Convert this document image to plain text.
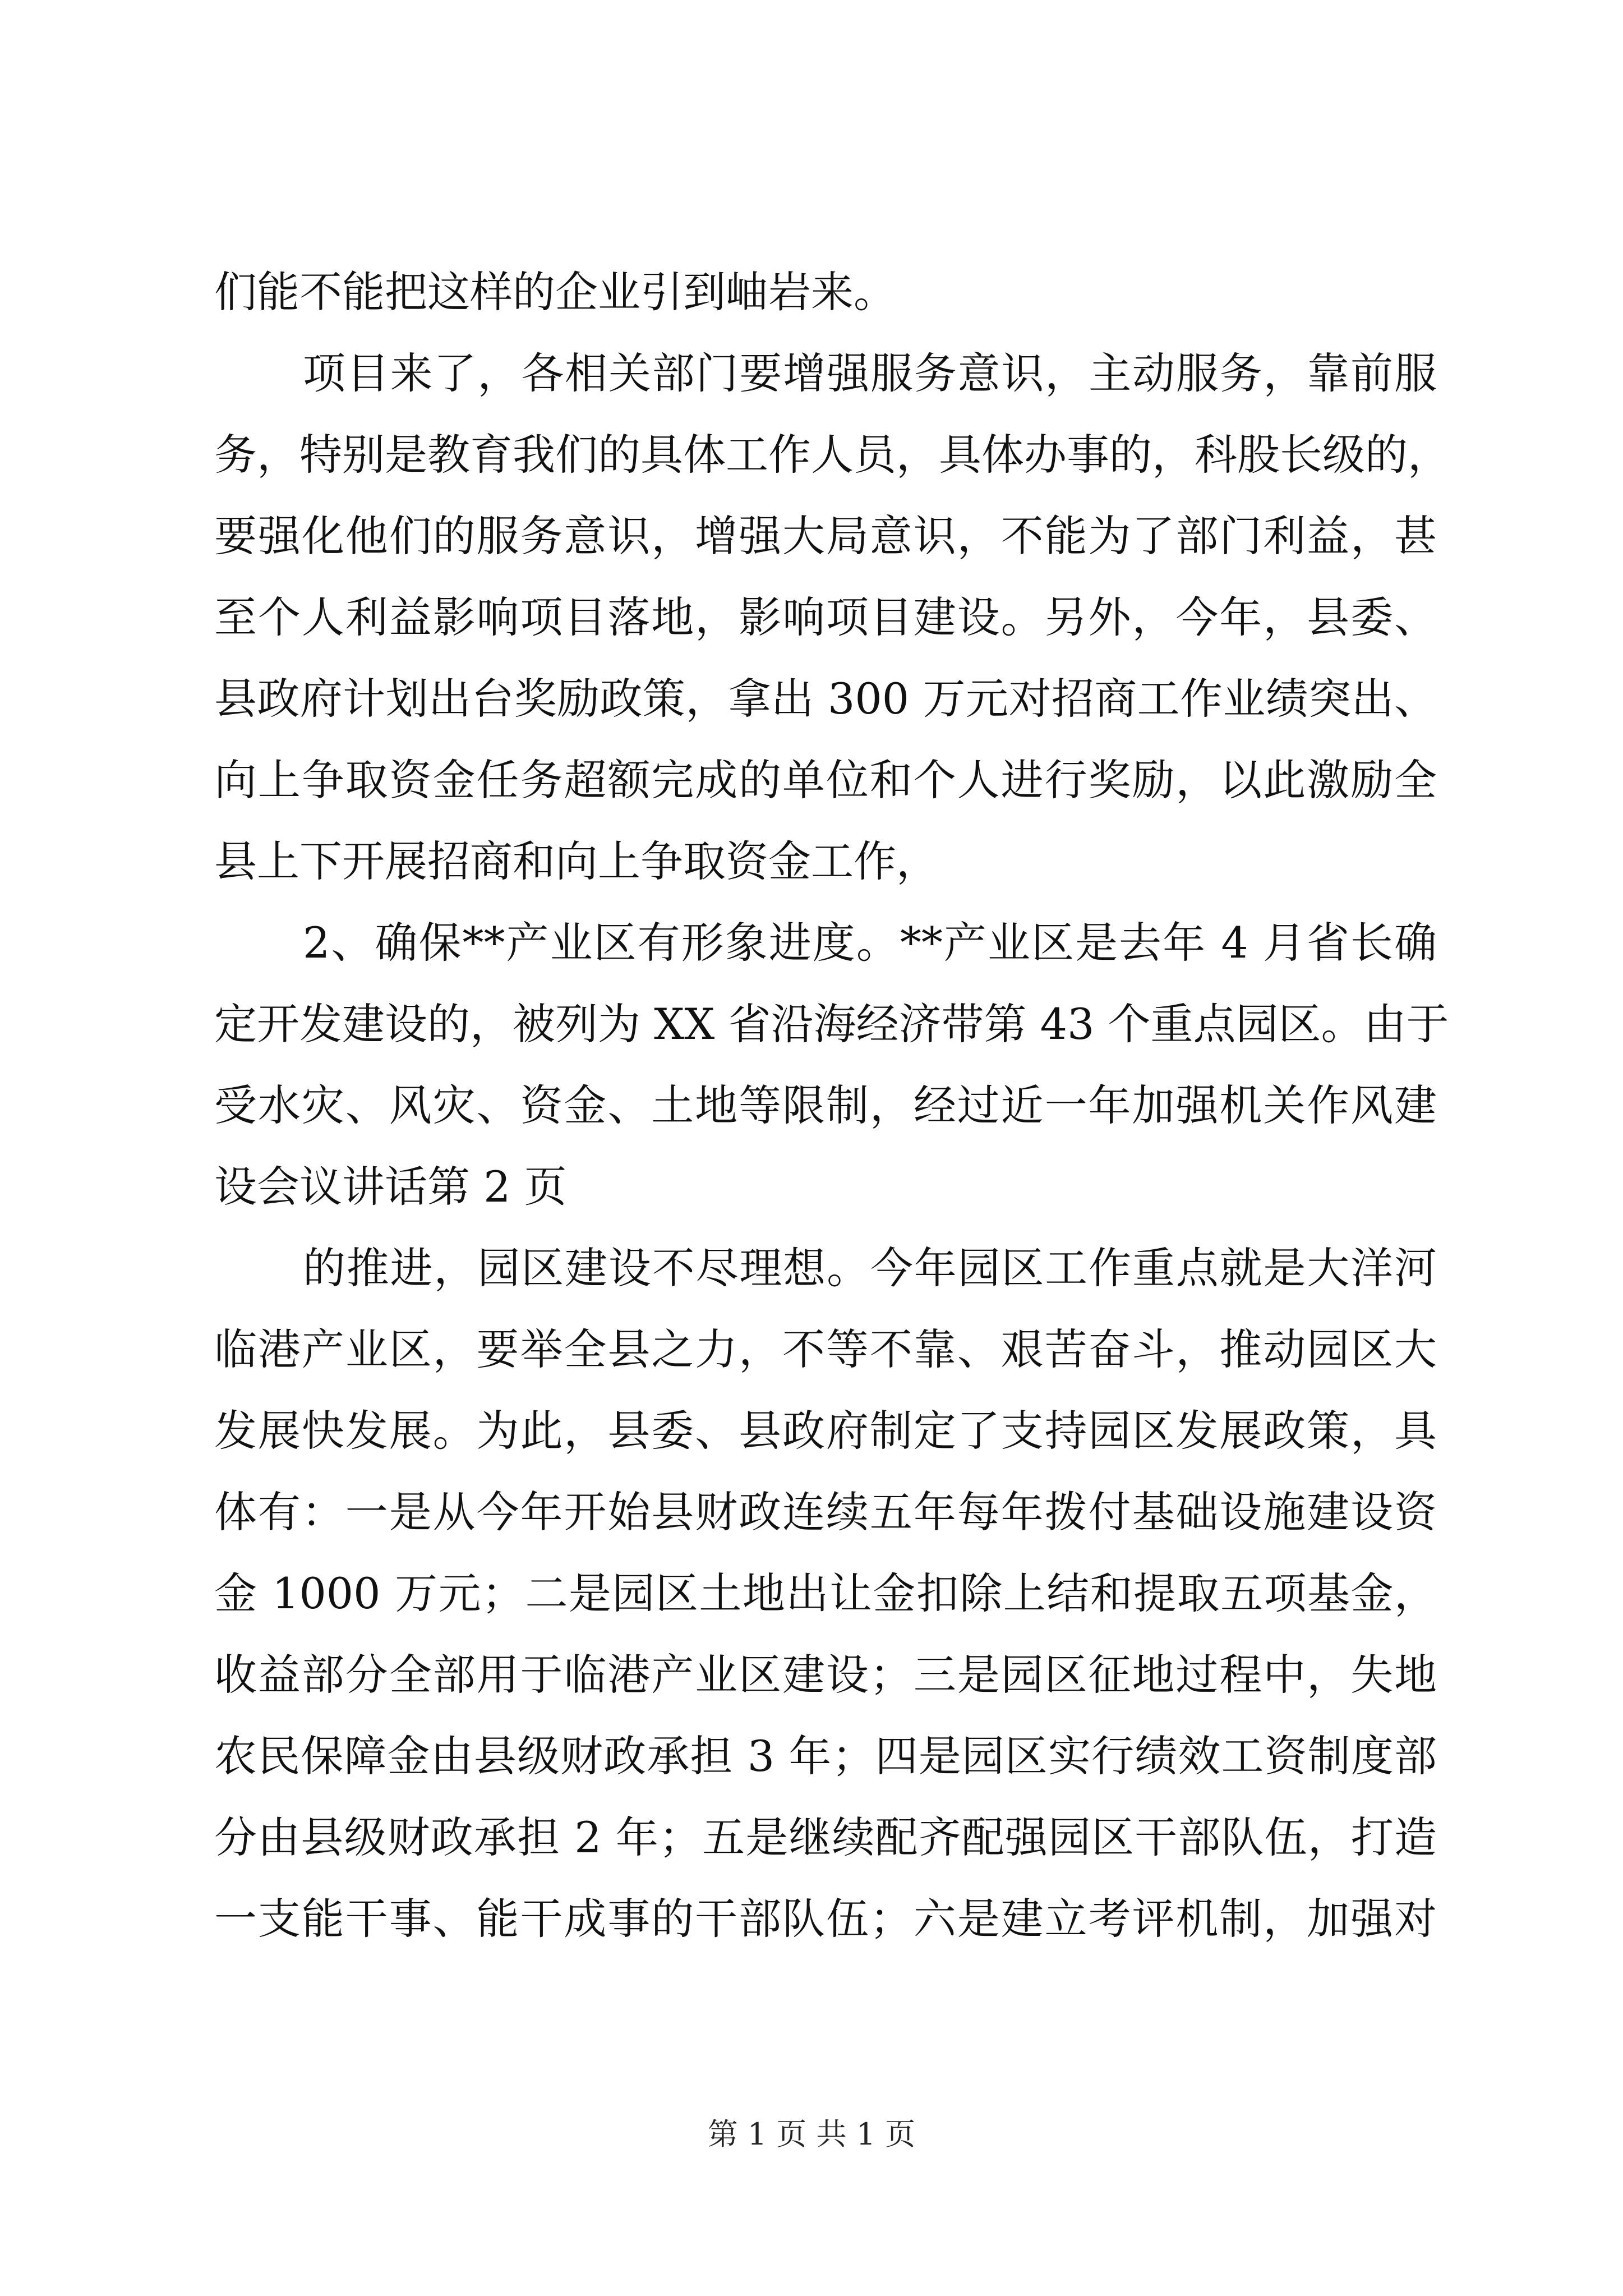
们能不能把这样的企业引到岫岩来。
项目来了，各相关部门要增强服务意识，主动服务，靠前服
务，特别是教育我们的具体工作人员，具体办事的，科股长级的，
要强化他们的服务意识，增强大局意识，不能为了部门利益，甚
至个人利益影响项目落地，影响项目建设。另外，今年，县委、
县政府计划出台奖励政策，拿出 300 万元对招商工作业绩突出、
向上争取资金任务超额完成的单位和个人进行奖励，以此激励全
县上下开展招商和向上争取资金工作，
2、确保**产业区有形象进度。**产业区是去年 4 月省长确
定开发建设的，被列为 XX 省沿海经济带第 43 个重点园区。由于
受水灾、风灾、资金、土地等限制，经过近一年加强机关作风建
设会议讲话第 2 页
的推进，园区建设不尽理想。今年园区工作重点就是大洋河
临港产业区，要举全县之力，不等不靠、艰苦奋斗，推动园区大
发展快发展。为此，县委、县政府制定了支持园区发展政策，具
体有：一是从今年开始县财政连续五年每年拨付基础设施建设资
金 1000 万元；二是园区土地出让金扣除上结和提取五项基金，
收益部分全部用于临港产业区建设；三是园区征地过程中，失地
农民保障金由县级财政承担 3 年；四是园区实行绩效工资制度部
分由县级财政承担 2 年；五是继续配齐配强园区干部队伍，打造
一支能干事、能干成事的干部队伍；六是建立考评机制，加强对
第 1 页 共 1 页
